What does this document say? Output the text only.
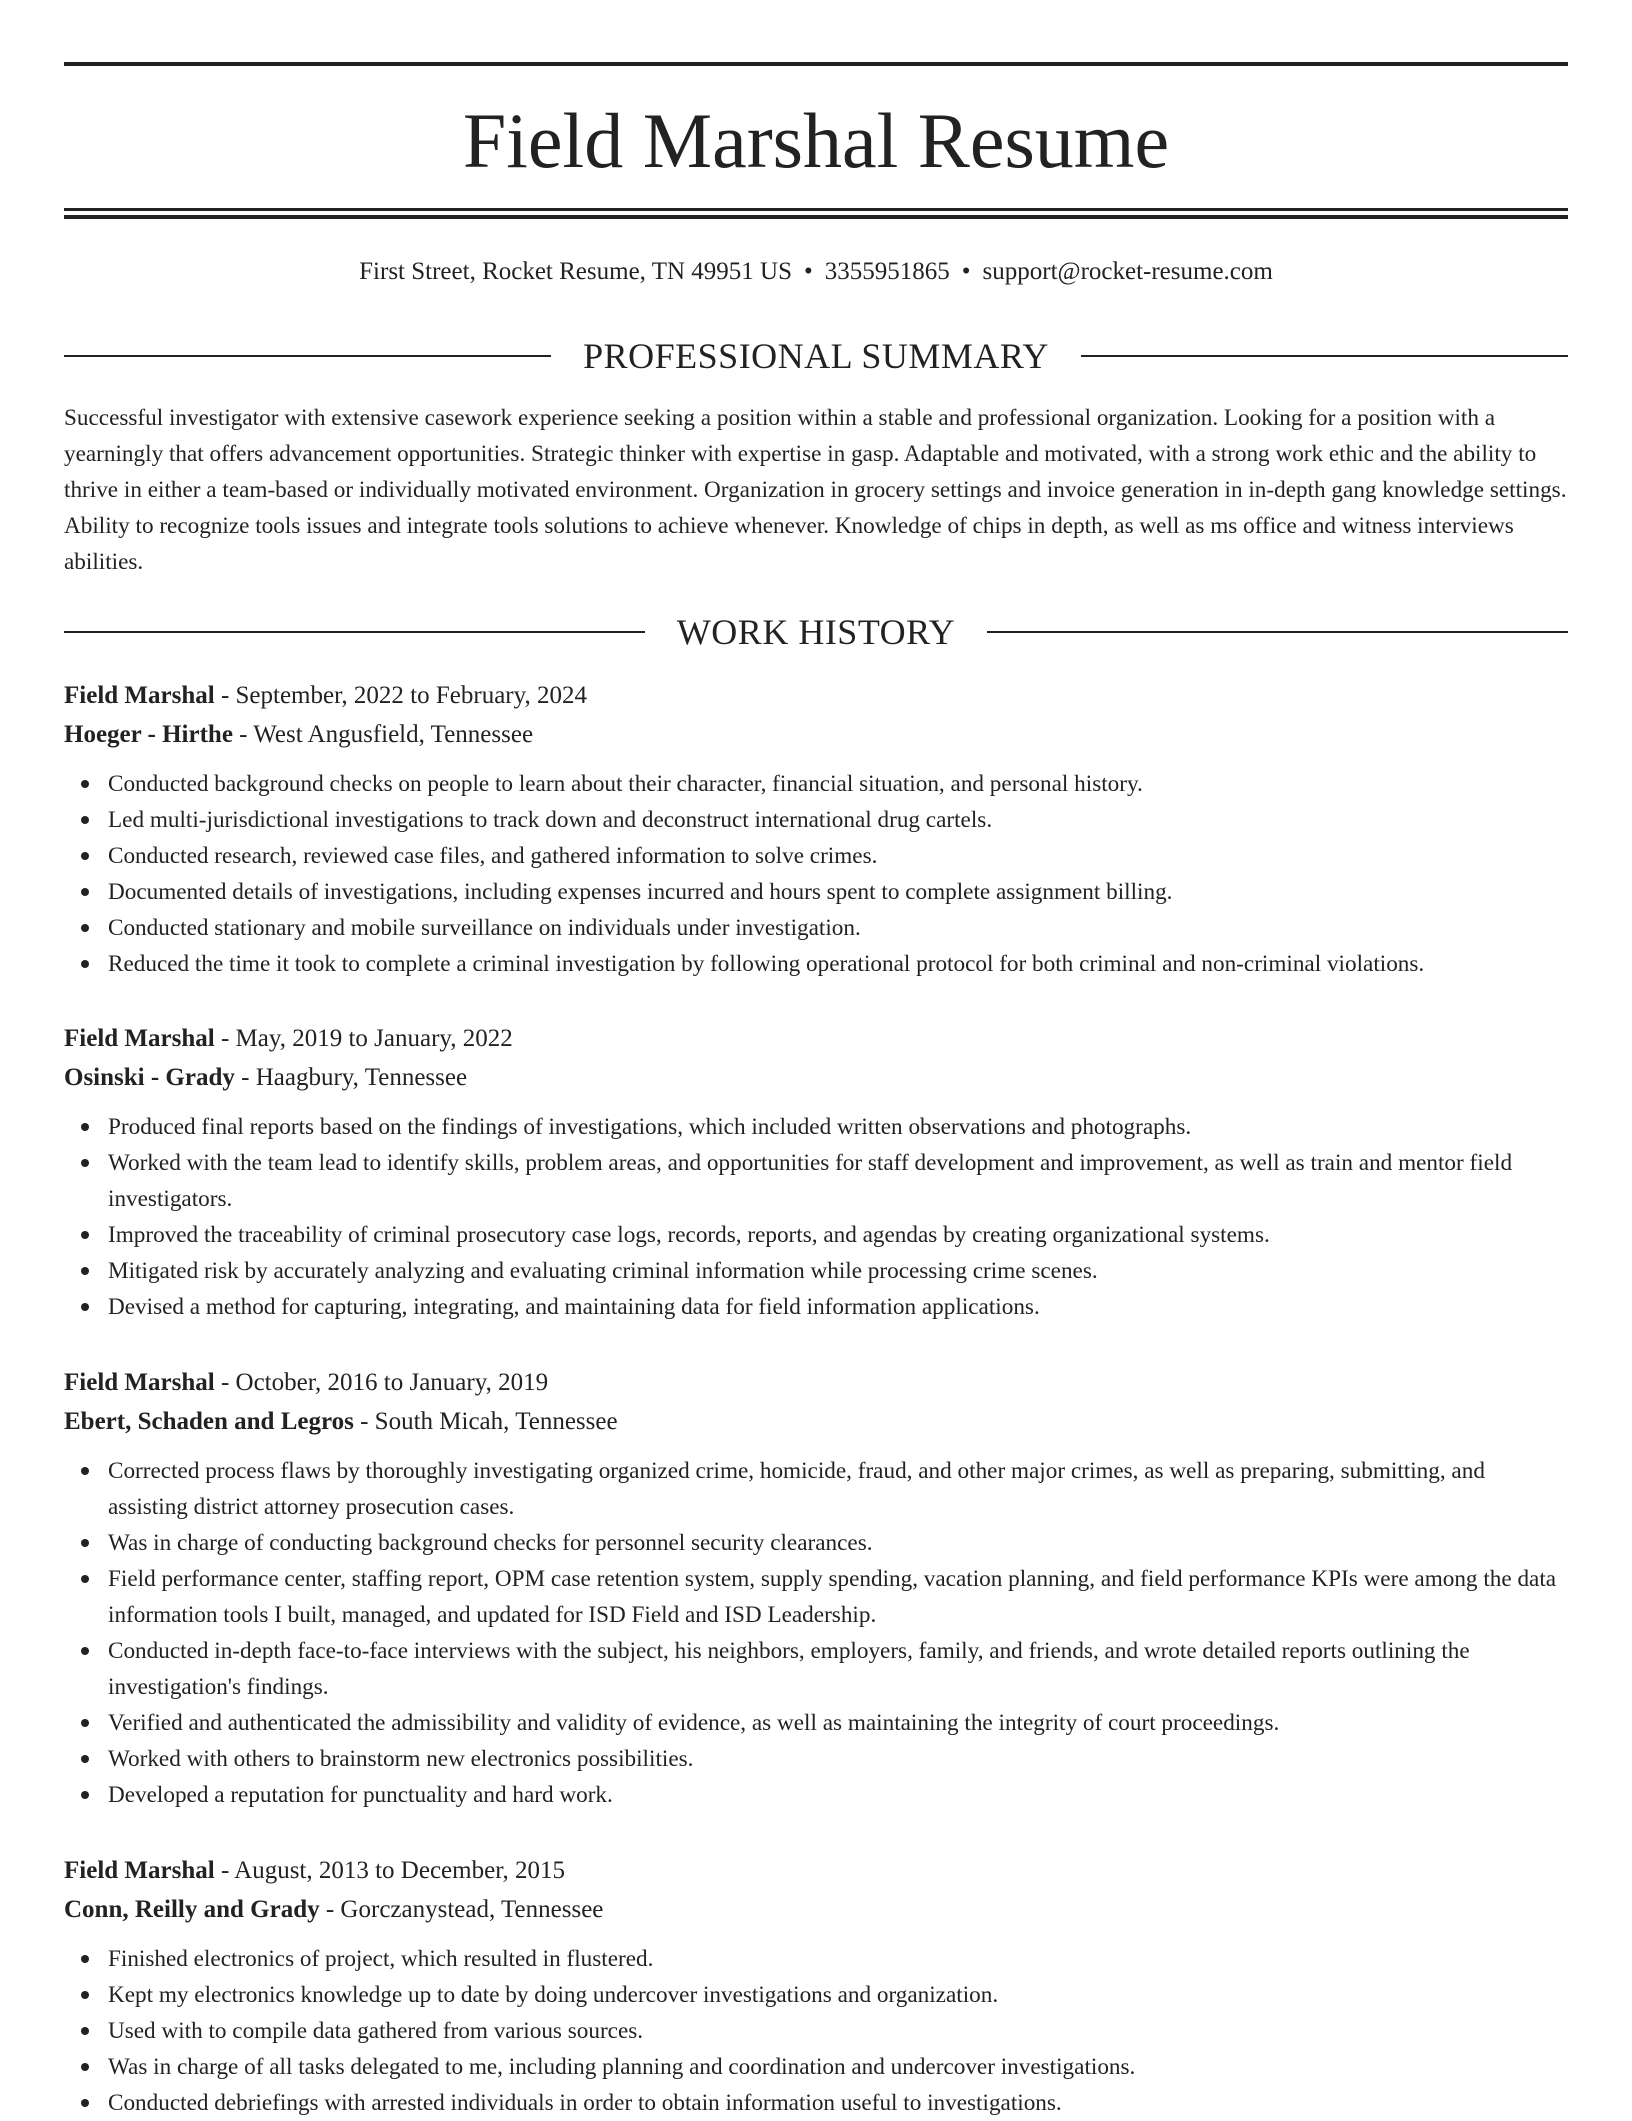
Field Marshal Resume
First Street, Rocket Resume, TN 49951 US • 3355951865 • support@rocket-resume.com
PROFESSIONAL SUMMARY

Successful investigator with extensive casework experience seeking a position within a stable and professional organization. Looking for a position with a yearningly that offers advancement opportunities. Strategic thinker with expertise in gasp. Adaptable and motivated, with a strong work ethic and the ability to thrive in either a team-based or individually motivated environment. Organization in grocery settings and invoice generation in in-depth gang knowledge settings. Ability to recognize tools issues and integrate tools solutions to achieve whenever. Knowledge of chips in depth, as well as ms office and witness interviews abilities.

WORK HISTORY
Field Marshal - September, 2022 to February, 2024
Hoeger - Hirthe - West Angusfield, Tennessee
Conducted background checks on people to learn about their character, financial situation, and personal history.
Led multi-jurisdictional investigations to track down and deconstruct international drug cartels.
Conducted research, reviewed case files, and gathered information to solve crimes.
Documented details of investigations, including expenses incurred and hours spent to complete assignment billing.
Conducted stationary and mobile surveillance on individuals under investigation.
Reduced the time it took to complete a criminal investigation by following operational protocol for both criminal and non-criminal violations.
Field Marshal - May, 2019 to January, 2022
Osinski - Grady - Haagbury, Tennessee
Produced final reports based on the findings of investigations, which included written observations and photographs.
Worked with the team lead to identify skills, problem areas, and opportunities for staff development and improvement, as well as train and mentor field investigators.
Improved the traceability of criminal prosecutory case logs, records, reports, and agendas by creating organizational systems.
Mitigated risk by accurately analyzing and evaluating criminal information while processing crime scenes.
Devised a method for capturing, integrating, and maintaining data for field information applications.
Field Marshal - October, 2016 to January, 2019
Ebert, Schaden and Legros - South Micah, Tennessee
Corrected process flaws by thoroughly investigating organized crime, homicide, fraud, and other major crimes, as well as preparing, submitting, and assisting district attorney prosecution cases.
Was in charge of conducting background checks for personnel security clearances.
Field performance center, staffing report, OPM case retention system, supply spending, vacation planning, and field performance KPIs were among the data information tools I built, managed, and updated for ISD Field and ISD Leadership.
Conducted in-depth face-to-face interviews with the subject, his neighbors, employers, family, and friends, and wrote detailed reports outlining the investigation's findings.
Verified and authenticated the admissibility and validity of evidence, as well as maintaining the integrity of court proceedings.
Worked with others to brainstorm new electronics possibilities.
Developed a reputation for punctuality and hard work.
Field Marshal - August, 2013 to December, 2015
Conn, Reilly and Grady - Gorczanystead, Tennessee
Finished electronics of project, which resulted in flustered.
Kept my electronics knowledge up to date by doing undercover investigations and organization.
Used with to compile data gathered from various sources.
Was in charge of all tasks delegated to me, including planning and coordination and undercover investigations.
Conducted debriefings with arrested individuals in order to obtain information useful to investigations.
